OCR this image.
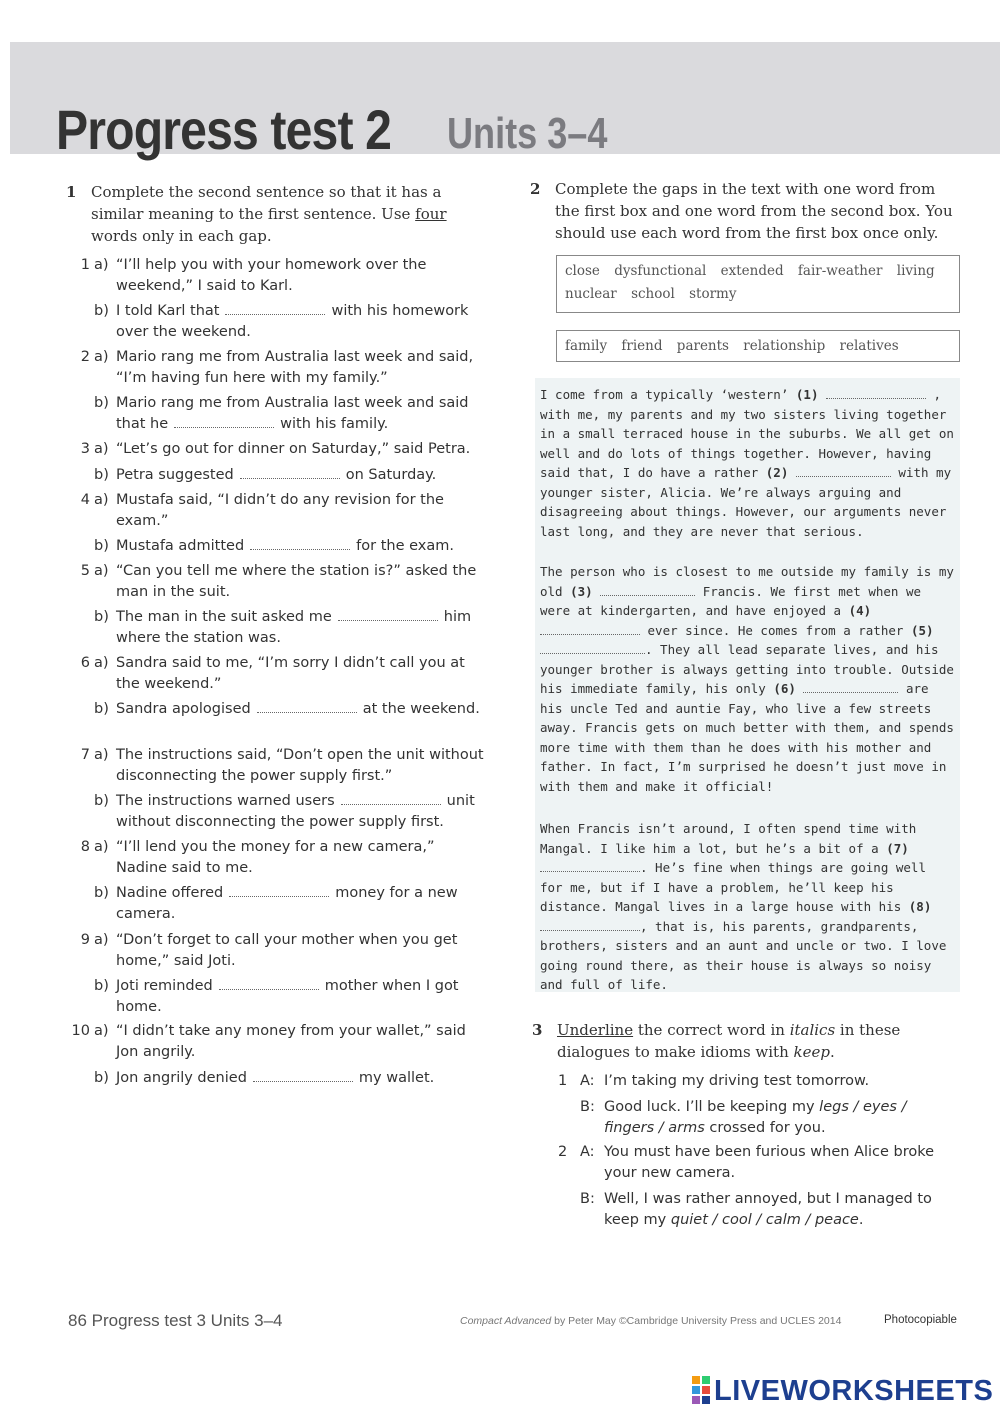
Progress test 2 Units 3–4
1 Complete the second sentence so that it has a similar meaning to the first sentence. Use four words only in each gap.
1 a) “I’ll help you with your homework over the weekend,” I said to Karl.
b) I told Karl that	with his homework over the weekend.
2 a) Mario rang me from Australia last week and said, “I’m having fun here with my family.”
b) Mario rang me from Australia last week and said that he	with his family.
3 a) “Let’s go out for dinner on Saturday,” said Petra.
b) Petra suggested	on Saturday.
4 a) Mustafa said, “I didn’t do any revision for the exam.”
b) Mustafa admitted	for the exam.
5 a) “Can you tell me where the station is?” asked the man in the suit.
b) The man in the suit asked me	him where the station was.
6 a) Sandra said to me, “I’m sorry I didn’t call you at the weekend.”
b) Sandra apologised	at the weekend.
7 a) The instructions said, “Don’t open the unit without disconnecting the power supply first.”
b) The instructions warned users	unit without disconnecting the power supply first.
8 a) “I’ll lend you the money for a new camera,” Nadine said to me.
b) Nadine offered	money for a new camera.
9 a) “Don’t forget to call your mother when you get home,” said Joti.
b) Joti reminded	mother when I got home.
10 a) “I didn’t take any money from your wallet,” said Jon angrily.
b) Jon angrily denied	my wallet.
2 Complete the gaps in the text with one word from the first box and one word from the second box. You should use each word from the first box once only.
close dysfunctional extended fair-weather living nuclear school stormy
family friend parents relationship relatives
I come from a typically ‘western’ (1)	, with me, my parents and my two sisters living together in a small terraced house in the suburbs. We all get on well and do lots of things together. However, having said that, I do have a rather (2)	with my younger sister, Alicia. We’re always arguing and disagreeing about things. However, our arguments never last long, and they are never that serious.
The person who is closest to me outside my family is my old (3)	Francis. We first met when we were at kindergarten, and have enjoyed a (4)  ever since. He comes from a rather (5) . They all lead separate lives, and his younger brother is always getting into trouble. Outside his immediate family, his only (6)	are his uncle Ted and auntie Fay, who live a few streets away. Francis gets on much better with them, and spends more time with them than he does with his mother and father. In fact, I’m surprised he doesn’t just move in with them and make it official!
When Francis isn’t around, I often spend time with Mangal. I like him a lot, but he’s a bit of a (7) . He’s fine when things are going well for me, but if I have a problem, he’ll keep his distance. Mangal lives in a large house with his (8) , that is, his parents, grandparents, brothers, sisters and an aunt and uncle or two. I love going round there, as their house is always so noisy and full of life.
3 Underline the correct word in italics in these dialogues to make idioms with keep.
1 A: I’m taking my driving test tomorrow.
B: Good luck. I’ll be keeping my legs / eyes / fingers / arms crossed for you.
2 A: You must have been furious when Alice broke your new camera.
B: Well, I was rather annoyed, but I managed to keep my quiet / cool / calm / peace.
86 Progress test 3 Units 3–4	Compact Advanced by Peter May ©Cambridge University Press and UCLES 2014	Photocopiable
LIVEWORKSHEETS
